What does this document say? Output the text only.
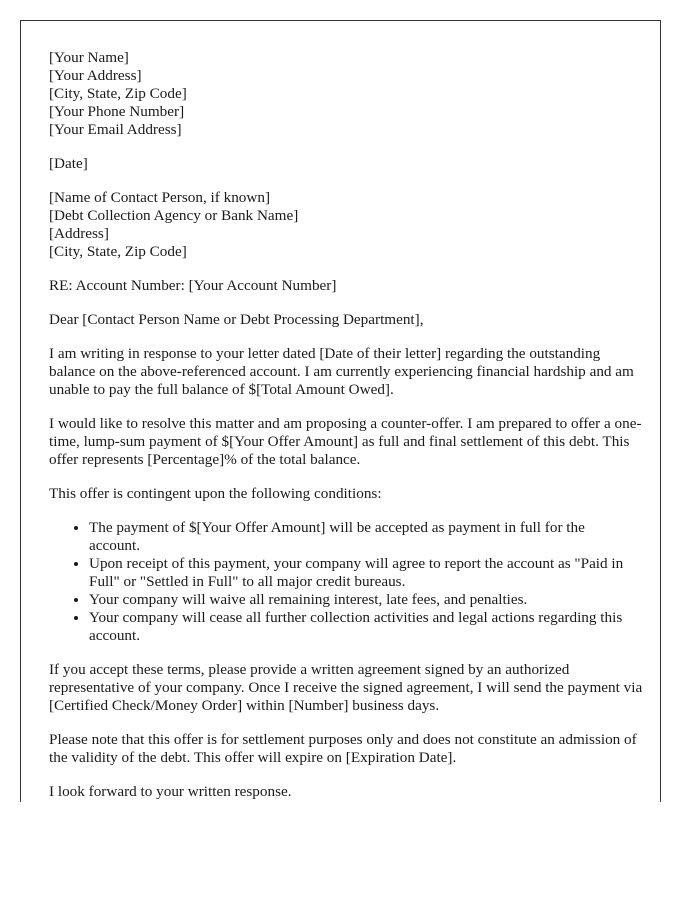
[Your Name]
[Your Address]
[City, State, Zip Code]
[Your Phone Number]
[Your Email Address]
[Date]
[Name of Contact Person, if known]
[Debt Collection Agency or Bank Name]
[Address]
[City, State, Zip Code]

RE: Account Number: [Your Account Number]

Dear [Contact Person Name or Debt Processing Department],

I am writing in response to your letter dated [Date of their letter] regarding the outstanding balance on the above-referenced account. I am currently experiencing financial hardship and am unable to pay the full balance of $[Total Amount Owed].

I would like to resolve this matter and am proposing a counter-offer. I am prepared to offer a one-time, lump-sum payment of $[Your Offer Amount] as full and final settlement of this debt. This offer represents [Percentage]% of the total balance.

This offer is contingent upon the following conditions:

• The payment of $[Your Offer Amount] will be accepted as payment in full for the account.
• Upon receipt of this payment, your company will agree to report the account as "Paid in Full" or "Settled in Full" to all major credit bureaus.
• Your company will waive all remaining interest, late fees, and penalties.
• Your company will cease all further collection activities and legal actions regarding this account.

If you accept these terms, please provide a written agreement signed by an authorized representative of your company. Once I receive the signed agreement, I will send the payment via [Certified Check/Money Order] within [Number] business days.

Please note that this offer is for settlement purposes only and does not constitute an admission of the validity of the debt. This offer will expire on [Expiration Date].

I look forward to your written response.
